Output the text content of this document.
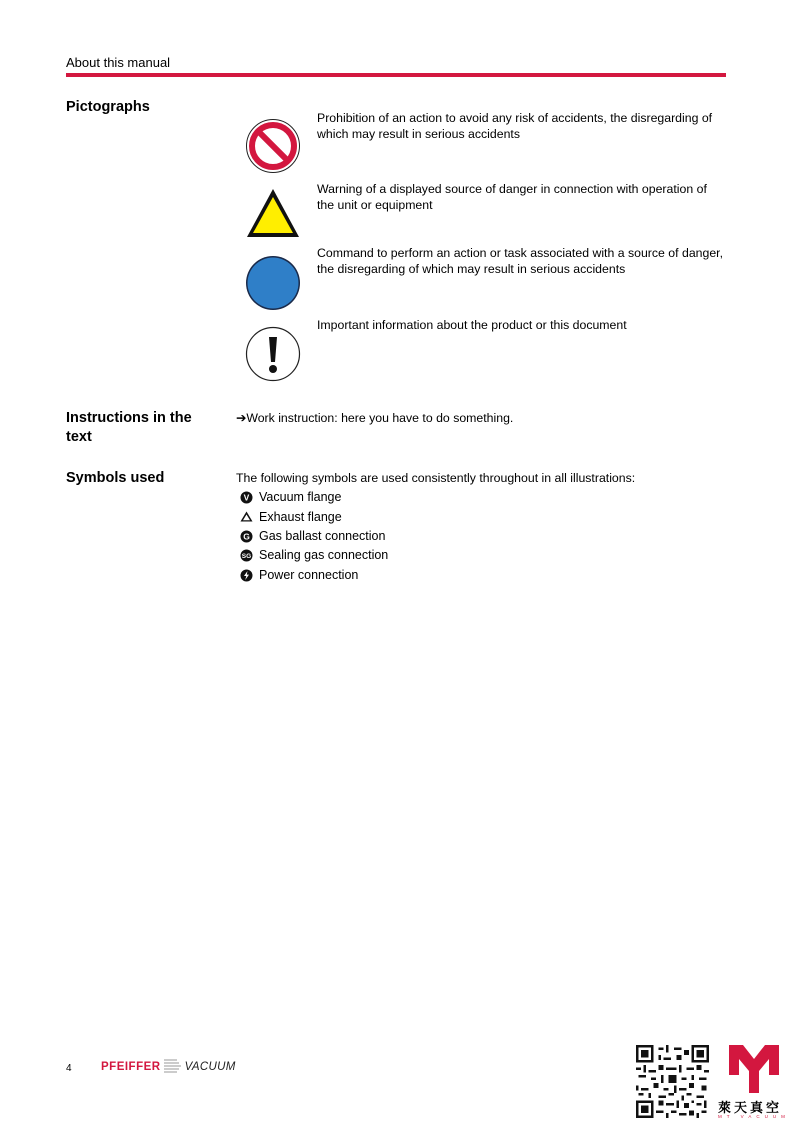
About this manual
Pictographs
Prohibition of an action to avoid any risk of accidents, the disregarding of which may result in serious accidents
Warning of a displayed source of danger in connection with operation of the unit or equipment
Command to perform an action or task associated with a source of danger, the disregarding of which may result in serious accidents
Important information about the product or this document
Instructions in the text
➔Work instruction: here you have to do something.
Symbols used	The following symbols are used consistently throughout in all illustrations:
V Vacuum flange
Exhaust flange
G Gas ballast connection
SG Sealing gas connection
Power connection
4	PFEIFFER VACUUM
萊天真空
MT VACUUM
